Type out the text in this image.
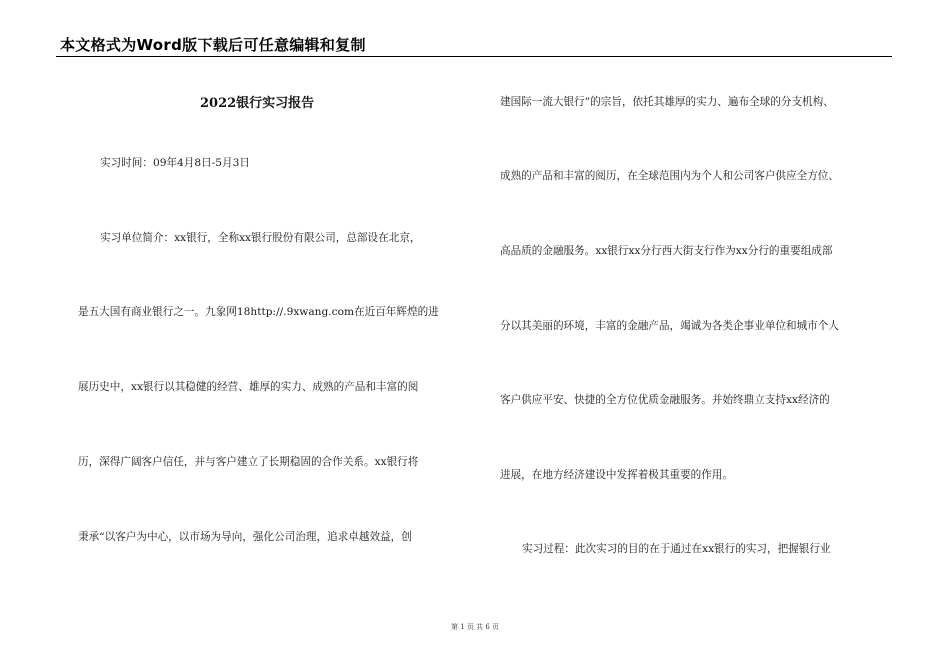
本文格式为Word版下载后可任意编辑和复制
2022银行实习报告
实习时间：09年4月8日-5月3日
实习单位简介：xx银行，全称xx银行股份有限公司，总部设在北京，
是五大国有商业银行之一。九象网18http://.9xwang.com在近百年辉煌的进
展历史中，xx银行以其稳健的经营、雄厚的实力、成熟的产品和丰富的阅
历，深得广阔客户信任，并与客户建立了长期稳固的合作关系。xx银行将
秉承“以客户为中心，以市场为导向，强化公司治理，追求卓越效益，创
建国际一流大银行”的宗旨，依托其雄厚的实力、遍布全球的分支机构、
成熟的产品和丰富的阅历，在全球范围内为个人和公司客户供应全方位、
高品质的金融服务。xx银行xx分行西大街支行作为xx分行的重要组成部
分以其美丽的环境，丰富的金融产品，竭诚为各类企事业单位和城市个人
客户供应平安、快捷的全方位优质金融服务。并始终鼎立支持xx经济的
进展，在地方经济建设中发挥着极其重要的作用。
实习过程：此次实习的目的在于通过在xx银行的实习，把握银行业
第 1 页 共 6 页
